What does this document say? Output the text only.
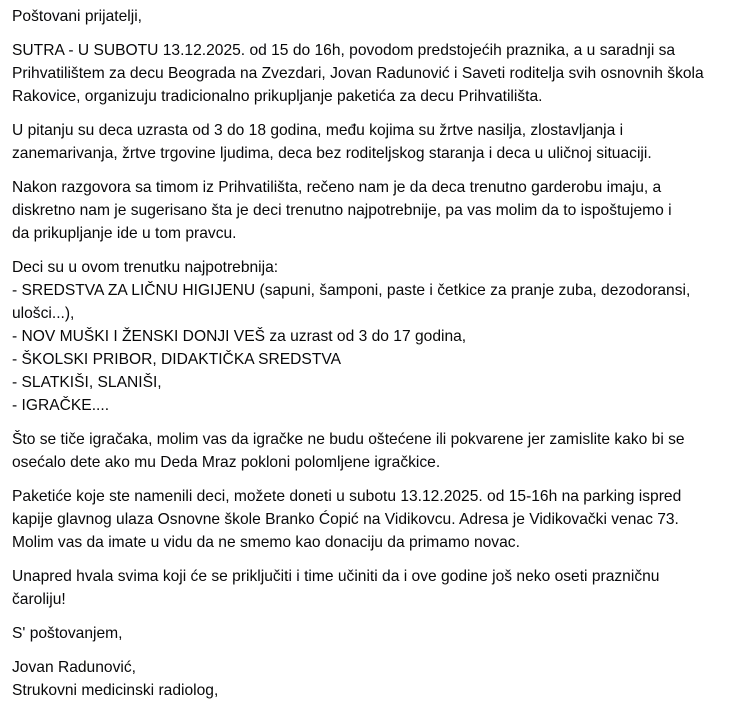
Poštovani prijatelji,

SUTRA - U SUBOTU 13.12.2025. od 15 do 16h, povodom predstojećih praznika, a u saradnji sa
Prihvatilištem za decu Beograda na Zvezdari, Jovan Radunović i Saveti roditelja svih osnovnih škola
Rakovice, organizuju tradicionalno prikupljanje paketića za decu Prihvatilišta.

U pitanju su deca uzrasta od 3 do 18 godina, među kojima su žrtve nasilja, zlostavljanja i
zanemarivanja, žrtve trgovine ljudima, deca bez roditeljskog staranja i deca u uličnoj situaciji.

Nakon razgovora sa timom iz Prihvatilišta, rečeno nam je da deca trenutno garderobu imaju, a
diskretno nam je sugerisano šta je deci trenutno najpotrebnije, pa vas molim da to ispoštujemo i
da prikupljanje ide u tom pravcu.

Deci su u ovom trenutku najpotrebnija:
- SREDSTVA ZA LIČNU HIGIJENU (sapuni, šamponi, paste i četkice za pranje zuba, dezodoransi,
ulošci...),
- NOV MUŠKI I ŽENSKI DONJI VEŠ za uzrast od 3 do 17 godina,
- ŠKOLSKI PRIBOR, DIDAKTIČKA SREDSTVA
- SLATKIŠI, SLANIŠI,
- IGRAČKE....

Što se tiče igračaka, molim vas da igračke ne budu oštećene ili pokvarene jer zamislite kako bi se
osećalo dete ako mu Deda Mraz pokloni polomljene igračkice.

Paketiće koje ste namenili deci, možete doneti u subotu 13.12.2025. od 15-16h na parking ispred
kapije glavnog ulaza Osnovne škole Branko Ćopić na Vidikovcu. Adresa je Vidikovački venac 73.
Molim vas da imate u vidu da ne smemo kao donaciju da primamo novac.

Unapred hvala svima koji će se priključiti i time učiniti da i ove godine još neko oseti prazničnu
čaroliju!

S' poštovanjem,

Jovan Radunović,
Strukovni medicinski radiolog,
